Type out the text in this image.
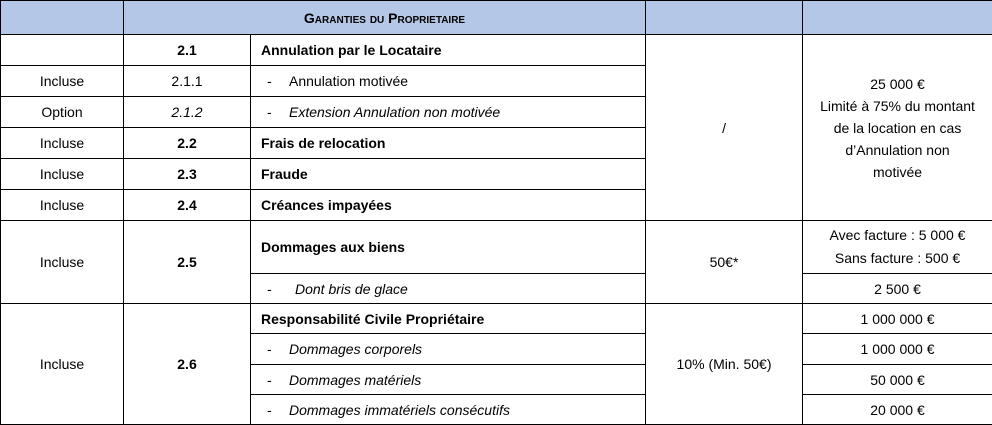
	Garanties du Proprietaire			
	2.1	Annulation par le Locataire	/	25 000 €
Limité à 75% du montant
de la location en cas
d’Annulation non
motivée

Incluse	2.1.1	- Annulation motivée		
Option	2.1.2	- Extension Annulation non motivée		
Incluse	2.2	Frais de relocation		
Incluse	2.3	Fraude		
Incluse	2.4	Créances impayées		
Incluse	2.5	Dommages aux biens	50€*	Avec facture : 5 000 €
Sans facture : 500 €

		- Dont bris de glace		2 500 €
Incluse	2.6	Responsabilité Civile Propriétaire	10% (Min. 50€)	1 000 000 €
		- Dommages corporels		1 000 000 €
		- Dommages matériels		50 000 €
		- Dommages immatériels consécutifs		20 000 €
